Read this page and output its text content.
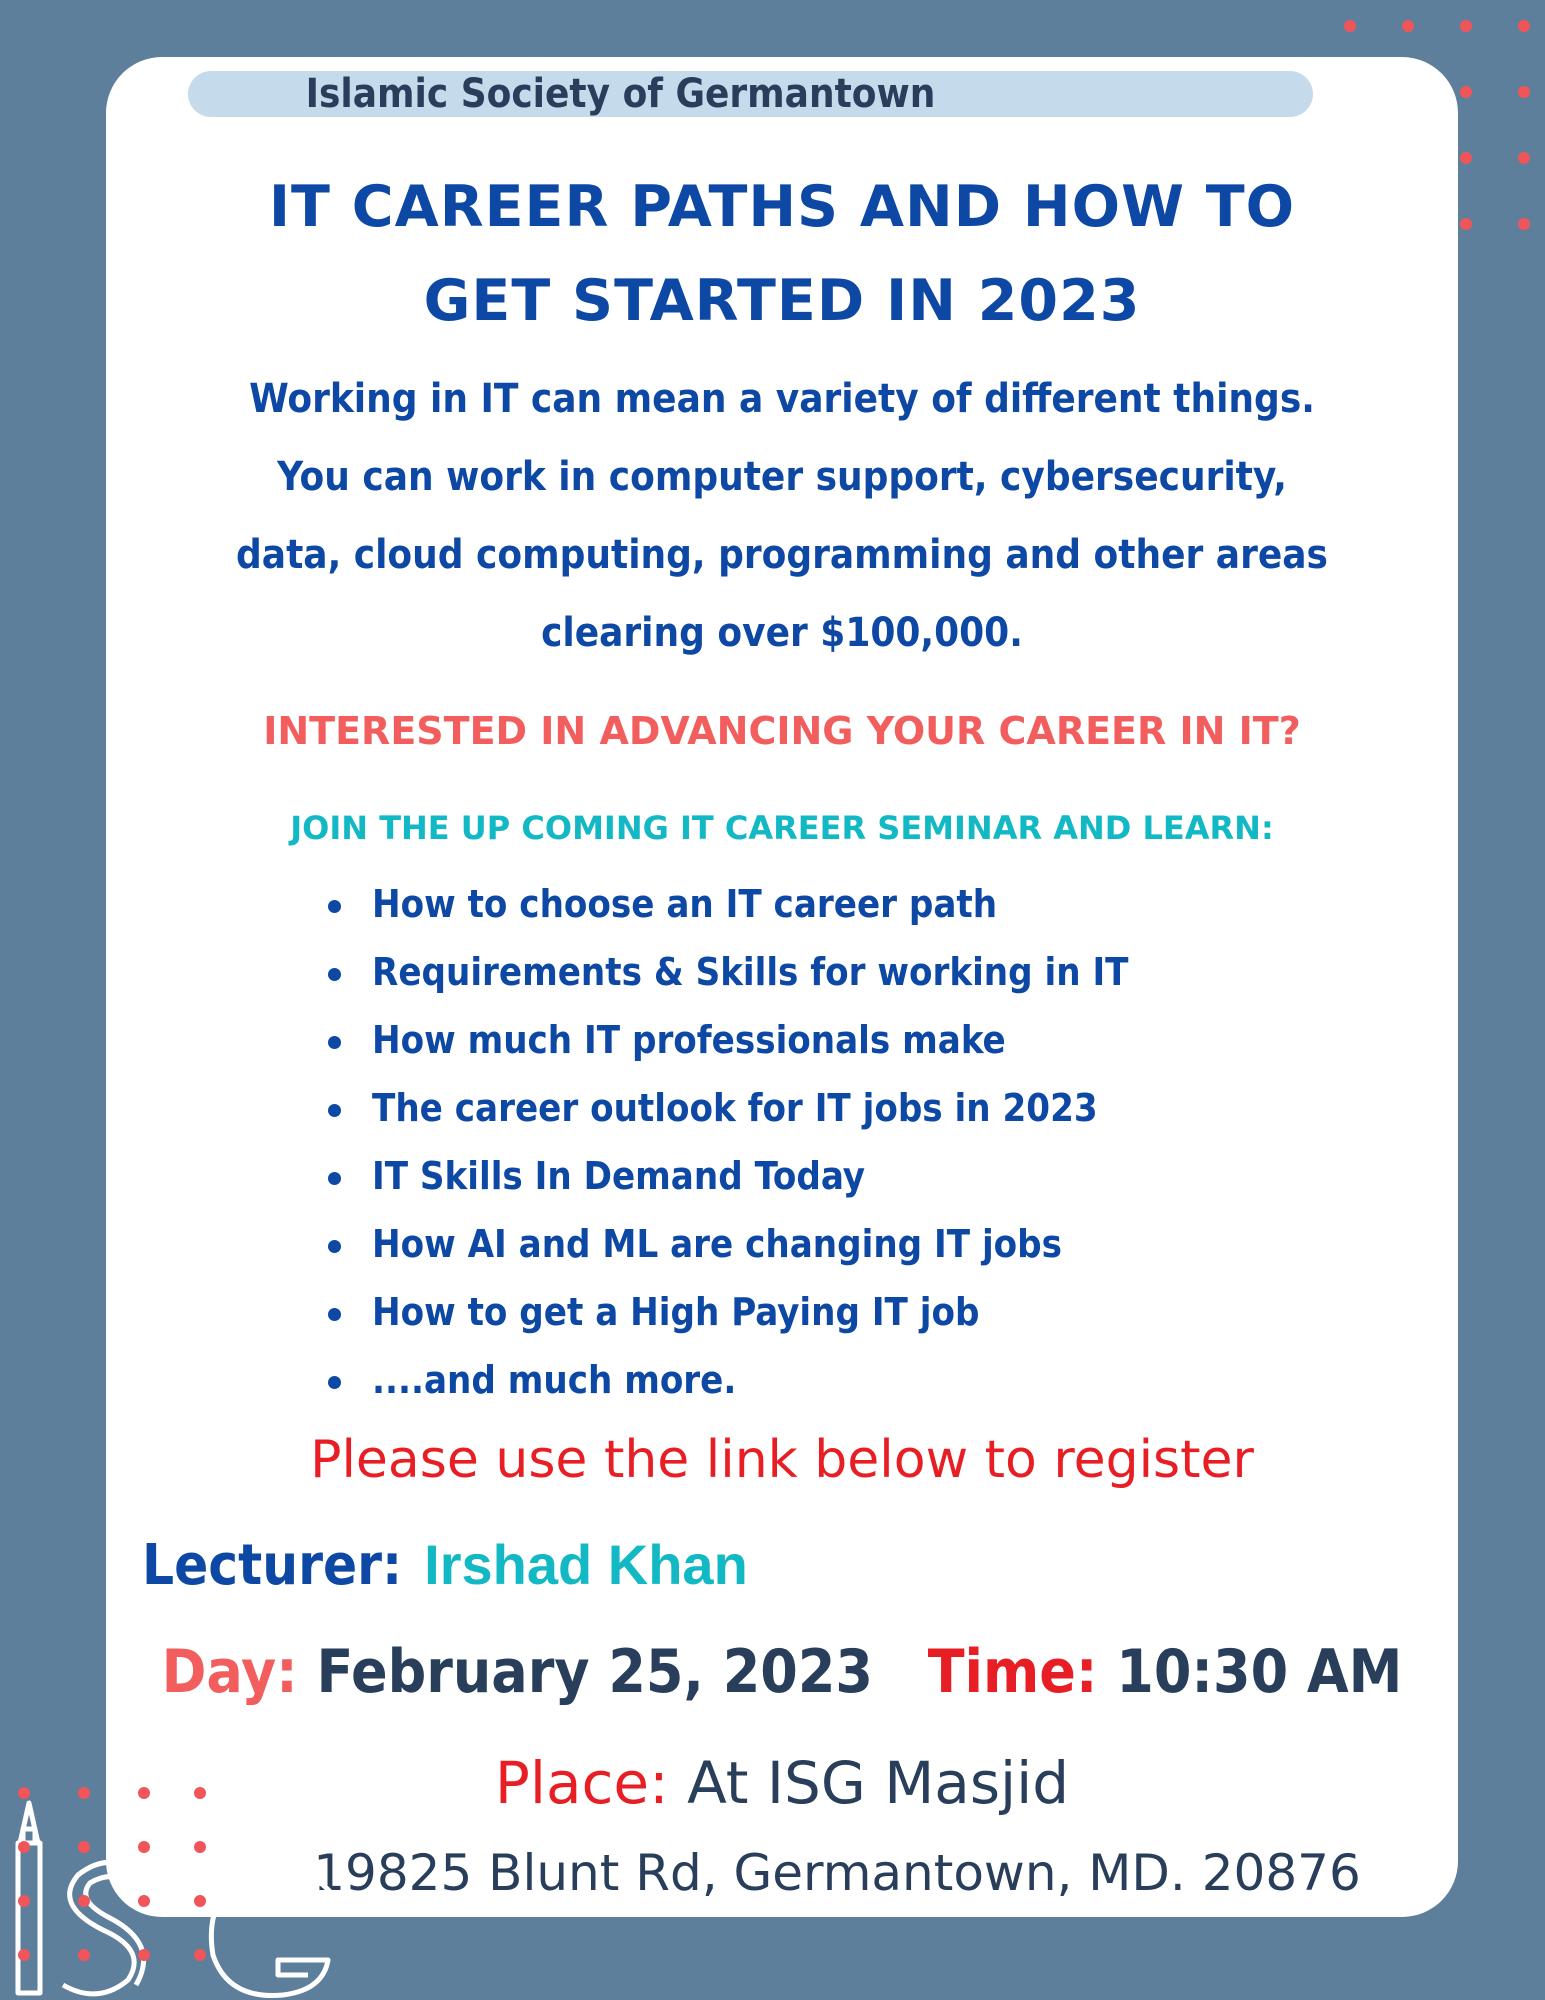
Islamic Society of Germantown
IT CAREER PATHS AND HOW TO
GET STARTED IN 2023
Working in IT can mean a variety of different things.
You can work in computer support, cybersecurity,
data, cloud computing, programming and other areas
clearing over $100,000.
INTERESTED IN ADVANCING YOUR CAREER IN IT?
JOIN THE UP COMING IT CAREER SEMINAR AND LEARN:
How to choose an IT career path
Requirements & Skills for working in IT
How much IT professionals make
The career outlook for IT jobs in 2023
IT Skills In Demand Today
How AI and ML are changing IT jobs
How to get a High Paying IT job
....and much more.
Please use the link below to register
Lecturer: Irshad Khan
Day: February 25, 2023 Time: 10:30 AM
Place: At ISG Masjid
19825 Blunt Rd, Germantown, MD. 20876
